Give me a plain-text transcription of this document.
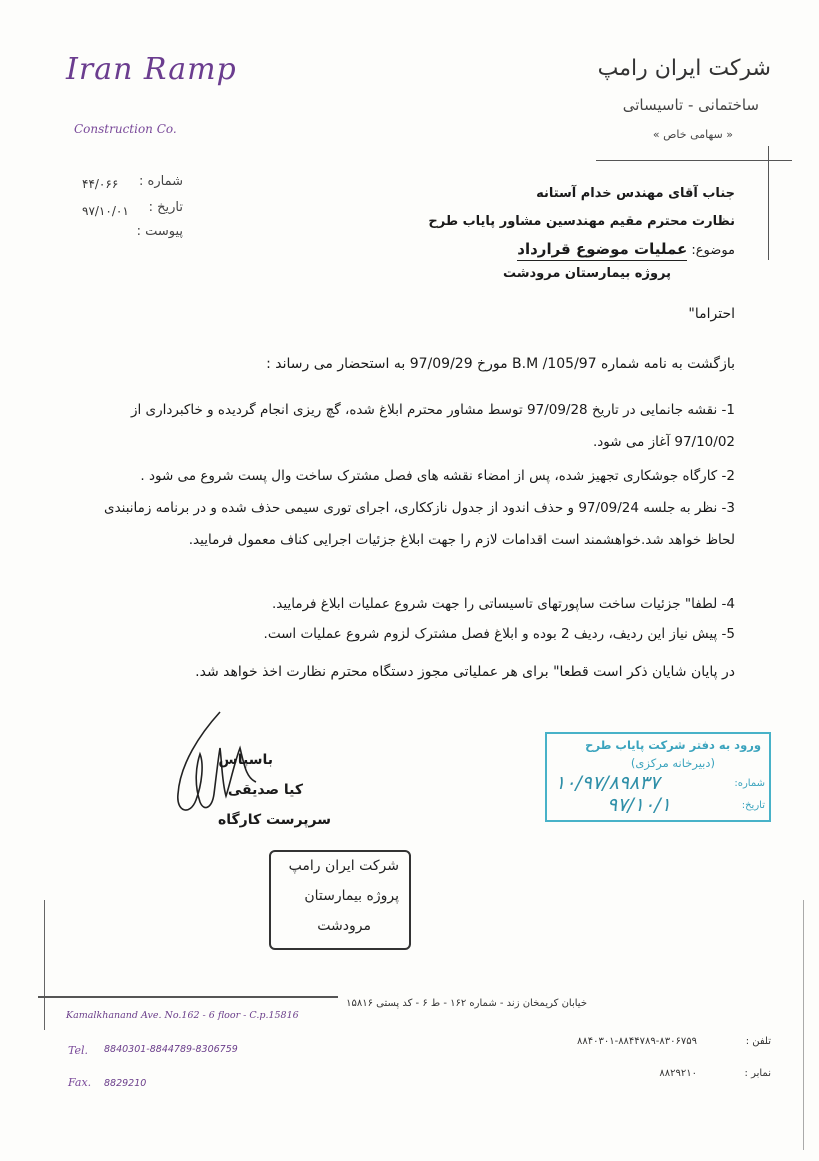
Iran Ramp
Construction Co.
شرکت ایران رامپ
ساختمانی - تاسیساتی
« سهامی خاص »
شماره :
۴۴/۰۶۶
تاریخ :
۹۷/۱۰/۰۱
پیوست :
جناب آقای مهندس خدام آستانه
نظارت محترم مقیم مهندسین مشاور پایاب طرح
موضوع: عملیات موضوع قرارداد
پروژه بیمارستان مرودشت
احتراما"
بازگشت به نامه شماره B.M /105/97 مورخ 97/09/29 به استحضار می رساند :
1- نقشه جانمایی در تاریخ 97/09/28 توسط مشاور محترم ابلاغ شده، گچ ریزی انجام گردیده و خاکبرداری از 97/10/02 آغاز می شود.
2- کارگاه جوشکاری تجهیز شده، پس از امضاء نقشه های فصل مشترک ساخت وال پست شروع می شود .
3- نظر به جلسه 97/09/24 و حذف اندود از جدول نازککاری، اجرای توری سیمی حذف شده و در برنامه زمانبندی لحاظ خواهد شد.خواهشمند است اقدامات لازم را جهت ابلاغ جزئیات اجرایی کناف معمول فرمایید.
4- لطفا" جزئیات ساخت ساپورتهای تاسیساتی را جهت شروع عملیات ابلاغ فرمایید.
5- پیش نیاز این ردیف، ردیف 2 بوده و ابلاغ فصل مشترک لزوم شروع عملیات است.
در پایان شایان ذکر است قطعا" برای هر عملیاتی مجوز دستگاه محترم نظارت اخذ خواهد شد.
باسپاس
کیا صدیقی
سرپرست کارگاه
ورود به دفتر شرکت پایاب طرح
(دبیرخانه مرکزی)
شماره:
تاریخ:
۱۰/۹۷/۸۹۸۳۷
۹۷/۱۰/۱
شرکت ایران رامپ
پروژه بیمارستان
مرودشت
Kamalkhanand Ave. No.162 - 6 floor - C.p.15816
Tel. 8840301-8844789-8306759
Fax. 8829210
خیابان کریمخان زند - شماره ۱۶۲ - ط ۶ - کد پستی ۱۵۸۱۶
تلفن :
۸۸۴۰۳۰۱-۸۸۴۴۷۸۹-۸۳۰۶۷۵۹
نمابر :
۸۸۲۹۲۱۰
